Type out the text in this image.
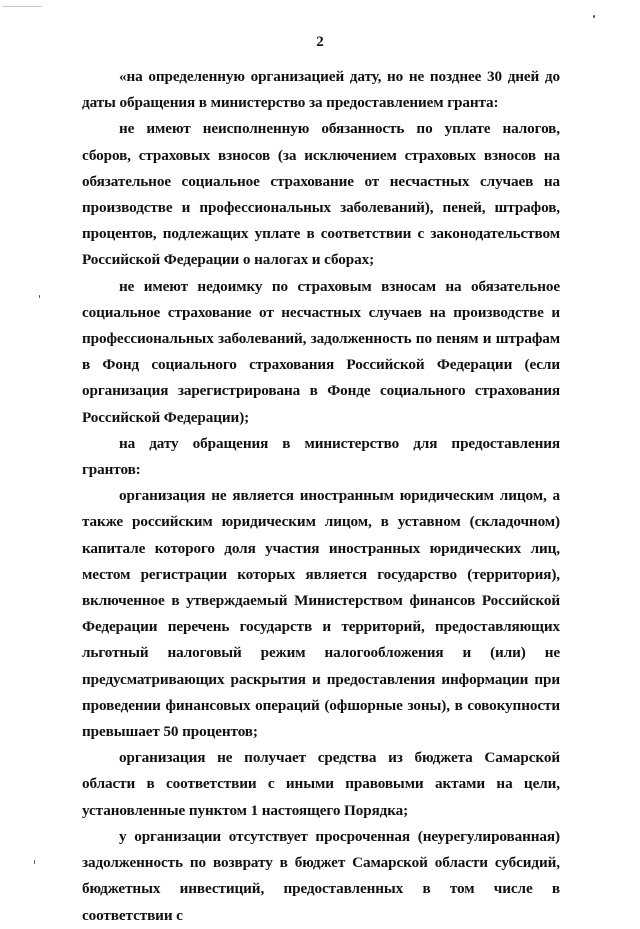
2

«на определенную организацией дату, но не позднее 30 дней до даты обращения в министерство за предоставлением гранта:

не имеют неисполненную обязанность по уплате налогов, сборов, страховых взносов (за исключением страховых взносов на обязательное социальное страхование от несчастных случаев на производстве и профессиональных заболеваний), пеней, штрафов, процентов, подлежащих уплате в соответствии с законодательством Российской Федерации о налогах и сборах;

не имеют недоимку по страховым взносам на обязательное социальное страхование от несчастных случаев на производстве и профессиональных заболеваний, задолженность по пеням и штрафам в Фонд социального страхования Российской Федерации (если организация зарегистрирована в Фонде социального страхования Российской Федерации);

на дату обращения в министерство для предоставления грантов:

организация не является иностранным юридическим лицом, а также российским юридическим лицом, в уставном (складочном) капитале которого доля участия иностранных юридических лиц, местом регистрации которых является государство (территория), включенное в утверждаемый Министерством финансов Российской Федерации перечень государств и территорий, предоставляющих льготный налоговый режим налогообложения и (или) не предусматривающих раскрытия и предоставления информации при проведении финансовых операций (офшорные зоны), в совокупности превышает 50 процентов;

организация не получает средства из бюджета Самарской области в соответствии с иными правовыми актами на цели, установленные пунктом 1 настоящего Порядка;

у организации отсутствует просроченная (неурегулированная) задолженность по возврату в бюджет Самарской области субсидий, бюджетных инвестиций, предоставленных в том числе в соответствии с
